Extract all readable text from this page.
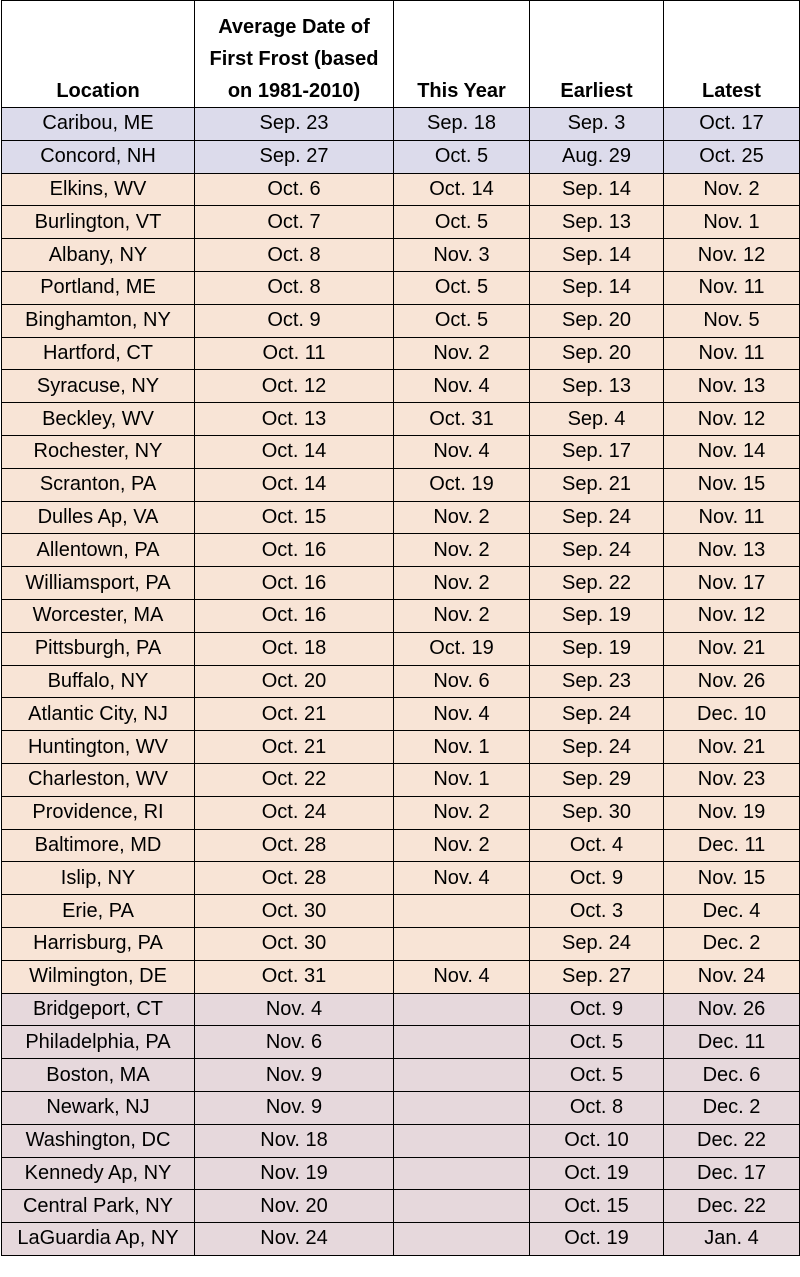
Location	Average Date of First Frost (based on 1981-2010)	This Year	Earliest	Latest
Caribou, ME	Sep. 23	Sep. 18	Sep. 3	Oct. 17
Concord, NH	Sep. 27	Oct. 5	Aug. 29	Oct. 25
Elkins, WV	Oct. 6	Oct. 14	Sep. 14	Nov. 2
Burlington, VT	Oct. 7	Oct. 5	Sep. 13	Nov. 1
Albany, NY	Oct. 8	Nov. 3	Sep. 14	Nov. 12
Portland, ME	Oct. 8	Oct. 5	Sep. 14	Nov. 11
Binghamton, NY	Oct. 9	Oct. 5	Sep. 20	Nov. 5
Hartford, CT	Oct. 11	Nov. 2	Sep. 20	Nov. 11
Syracuse, NY	Oct. 12	Nov. 4	Sep. 13	Nov. 13
Beckley, WV	Oct. 13	Oct. 31	Sep. 4	Nov. 12
Rochester, NY	Oct. 14	Nov. 4	Sep. 17	Nov. 14
Scranton, PA	Oct. 14	Oct. 19	Sep. 21	Nov. 15
Dulles Ap, VA	Oct. 15	Nov. 2	Sep. 24	Nov. 11
Allentown, PA	Oct. 16	Nov. 2	Sep. 24	Nov. 13
Williamsport, PA	Oct. 16	Nov. 2	Sep. 22	Nov. 17
Worcester, MA	Oct. 16	Nov. 2	Sep. 19	Nov. 12
Pittsburgh, PA	Oct. 18	Oct. 19	Sep. 19	Nov. 21
Buffalo, NY	Oct. 20	Nov. 6	Sep. 23	Nov. 26
Atlantic City, NJ	Oct. 21	Nov. 4	Sep. 24	Dec. 10
Huntington, WV	Oct. 21	Nov. 1	Sep. 24	Nov. 21
Charleston, WV	Oct. 22	Nov. 1	Sep. 29	Nov. 23
Providence, RI	Oct. 24	Nov. 2	Sep. 30	Nov. 19
Baltimore, MD	Oct. 28	Nov. 2	Oct. 4	Dec. 11
Islip, NY	Oct. 28	Nov. 4	Oct. 9	Nov. 15
Erie, PA	Oct. 30		Oct. 3	Dec. 4
Harrisburg, PA	Oct. 30		Sep. 24	Dec. 2
Wilmington, DE	Oct. 31	Nov. 4	Sep. 27	Nov. 24
Bridgeport, CT	Nov. 4		Oct. 9	Nov. 26
Philadelphia, PA	Nov. 6		Oct. 5	Dec. 11
Boston, MA	Nov. 9		Oct. 5	Dec. 6
Newark, NJ	Nov. 9		Oct. 8	Dec. 2
Washington, DC	Nov. 18		Oct. 10	Dec. 22
Kennedy Ap, NY	Nov. 19		Oct. 19	Dec. 17
Central Park, NY	Nov. 20		Oct. 15	Dec. 22
LaGuardia Ap, NY	Nov. 24		Oct. 19	Jan. 4
